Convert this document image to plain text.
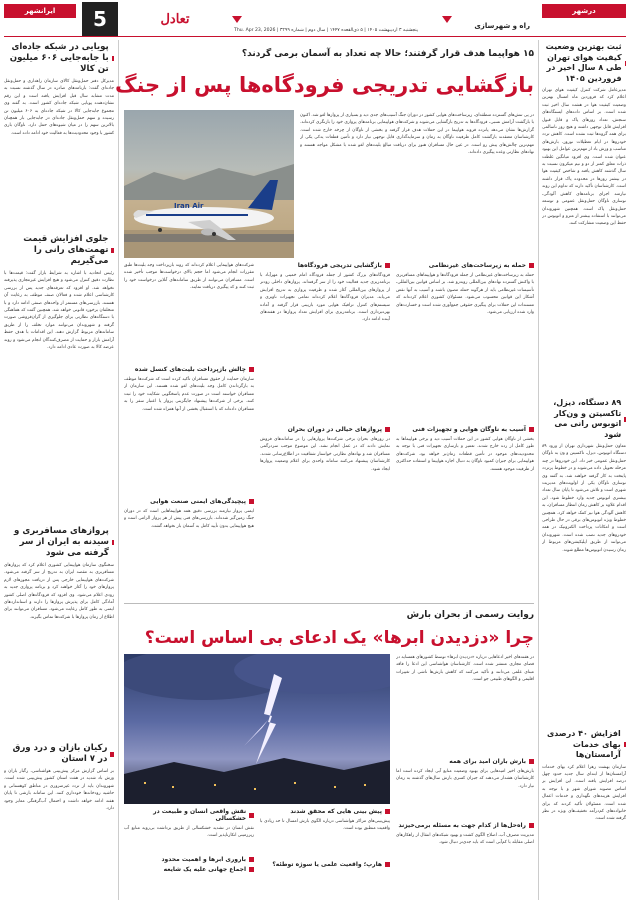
ایرانشهر	5	پنجشنبه ۳ اردیبهشت ۱۴۰۵ | ۵ ذی‌القعده ۱۴۴۷ | سال دوم | شماره ۳۲۹۹ | Thu. Apr 23, 2026
تعادل
درشهر
پویایی در شبکه جاده‌ای با جابه‌جایی ۶۰۶ میلیون تن کالا
مدیرکل دفتر حمل‌ونقل کالای سازمان راهداری و حمل‌ونقل جاده‌ای گفت: بارنامه‌های صادره در سال گذشته نسبت به مدت مشابه سال قبل افزایش یافته است و این رقم نشان‌دهنده پویایی شبکه جاده‌ای کشور است. به گفته وی مجموع جابه‌جایی کالا در شبکه جاده‌ای به ۶۰۶ میلیون تن رسیده و سهم حمل‌ونقل جاده‌ای در جابه‌جایی بار همچنان بالاترین سهم را در میان شیوه‌های حمل دارد. ناوگان باری کشور با وجود محدودیت‌ها به فعالیت خود ادامه داده است.
جلوی افزایش قیمت تهمت‌های رانی را می‌گیریم
رئیس اتحادیه با اشاره به شرایط بازار گفت: قیمت‌ها با نظارت دقیق کنترل می‌شود و هیچ افزایش غیرمجازی پذیرفته نخواهد شد. او افزود که تعرفه‌های جدید پس از بررسی کارشناسی اعلام شده و فعالان صنف موظف به رعایت آن هستند. بازرسی‌های مستمر از واحدهای صنفی ادامه دارد و با متخلفان برخورد قانونی خواهد شد. همچنین گفت که هماهنگی با دستگاه‌های نظارتی برای جلوگیری از گران‌فروشی صورت گرفته و شهروندان می‌توانند موارد تخلف را از طریق سامانه‌های مربوط گزارش دهند. این اقدامات با هدف حفظ آرامش بازار و حمایت از مصرف‌کنندگان انجام می‌شود و روند عرضه کالا به صورت عادی ادامه دارد.
پرواز‌های مسافربری و سیدنه به ایران از سر گرفته می شود
سخنگوی سازمان هواپیمایی کشوری اعلام کرد که پروازهای مسافربری به مقصد ایران به تدریج از سر گرفته می‌شود. شرکت‌های هواپیمایی خارجی پس از دریافت مجوزهای لازم پروازهای خود را آغاز خواهند کرد و برنامه پروازی جدید به زودی اعلام می‌شود. وی افزود که فرودگاه‌های اصلی کشور آمادگی کامل برای پذیرش پروازها را دارند و استانداردهای ایمنی به طور کامل رعایت می‌شود. مسافران می‌توانند برای اطلاع از زمان پروازها با شرکت‌ها تماس بگیرند.
رکیان بازان و درد ورق در ۷ استان
بر اساس گزارش مرکز پیش‌بینی هواشناسی، رگبار باران و وزش باد شدید در هفت استان کشور پیش‌بینی شده است. شهروندان باید از تردد غیرضروری در مناطق کوهستانی و حاشیه رودخانه‌ها خودداری کنند. این سامانه بارشی تا پایان هفته ادامه خواهد داشت و احتمال آب‌گرفتگی معابر وجود دارد.
راه و شهرسازی
۱۵ هواپیما هدف قرار گرفتند؛ حالا چه تعداد به آسمان برمی گردند؟
بازگشایی تدریجی فرودگاه‌ها پس از جنگ
Iran Air
در پی تنش‌های گسترده منطقه‌ای، زیرساخت‌های هوایی کشور در دوران جنگ آسیب‌های جدی دید و بسیاری از پروازها لغو شد. اکنون با بازگشت آرامش نسبی، فرودگاه‌ها به تدریج بازگشایی می‌شوند و شرکت‌های هواپیمایی برنامه‌های پروازی خود را بازنگری کرده‌اند. گزارش‌ها نشان می‌دهد پانزده فروند هواپیما در این حملات هدف قرار گرفته و بخشی از ناوگان از چرخه خارج شده است. کارشناسان معتقدند بازگشت کامل ظرفیت ناوگان به زمان و سرمایه‌گذاری قابل توجهی نیاز دارد و تأمین قطعات یدکی یکی از مهم‌ترین چالش‌های پیش رو است. در عین حال مسافران هنوز برای دریافت مبالغ بلیت‌های لغو شده با مشکل مواجه هستند و نهادهای نظارتی وعده پیگیری داده‌اند.
شرکت‌های هواپیمایی اعلام کرده‌اند که روند بازپرداخت وجه بلیت‌ها طبق مقررات انجام می‌شود اما حجم بالای درخواست‌ها موجب تأخیر شده است. مسافران می‌توانند از طریق سامانه‌های آنلاین درخواست خود را ثبت کنند و کد پیگیری دریافت نمایند.
چالش بازپرداخت بلیت‌های کنسل شده
سازمان حمایت از حقوق مسافران تأکید کرده است که شرکت‌ها موظف به بازگرداندن کامل وجه بلیت‌های لغو شده هستند. این سازمان از مسافران خواسته است در صورت عدم پاسخگویی شکایت خود را ثبت کنند. برخی از شرکت‌ها پیشنهاد جایگزینی پرواز یا اعتبار سفر را به مسافران داده‌اند که با استقبال بخشی از آنها همراه شده است.
پیچیدگی‌های ایمنی صنعت هوایی
ایمنی پرواز نیازمند بررسی دقیق همه هواپیماهایی است که در دوران جنگ زمین‌گیر شده‌اند. بازرسی‌های فنی پیش از هر پرواز الزامی است و هیچ هواپیمایی بدون تأیید کامل به آسمان باز نخواهد گشت.
بازگشایی تدریجی فرودگاه‌ها
فرودگاه‌های بزرگ کشور از جمله فرودگاه امام خمینی و مهرآباد با برنامه‌ریزی جدید فعالیت خود را از سر گرفته‌اند. پروازهای داخلی زودتر از پروازهای بین‌المللی آغاز شده و ظرفیت پروازی به تدریج افزایش می‌یابد. مدیران فرودگاه‌ها اعلام کرده‌اند تمامی تجهیزات ناوبری و سیستم‌های کنترل ترافیک هوایی مورد بازبینی قرار گرفته و آماده بهره‌برداری است. برنامه‌ریزی برای افزایش تعداد پروازها در هفته‌های آینده ادامه دارد.
پرواز‌های خیالی در دوران بحران
در روزهای بحران برخی شرکت‌ها پروازهایی را در سامانه‌های فروش نمایش دادند که در عمل انجام نشد. این موضوع موجب سردرگمی مسافران شد و نهادهای نظارتی خواستار شفافیت در اطلاع‌رسانی شدند. کارشناسان پیشنهاد می‌کنند سامانه واحدی برای اعلام وضعیت پروازها ایجاد شود.
حمله به زیرساخت‌های غیرنظامی
حمله به زیرساخت‌های غیرنظامی از جمله فرودگاه‌ها و هواپیماهای مسافربری با واکنش گسترده نهادهای بین‌المللی روبه‌رو شد. بر اساس قوانین بین‌المللی، تأسیسات غیرنظامی باید از هرگونه حمله مصون باشند و آسیب به آنها نقض آشکار این قوانین محسوب می‌شود. مسئولان کشوری اعلام کرده‌اند که مستندات این حملات برای پیگیری حقوقی جمع‌آوری شده است و خسارت‌های وارد شده ارزیابی می‌شود.
آسیب به ناوگان هوایی و تجهیزات فنی
بخشی از ناوگان هوایی کشور در این حملات آسیب دید و برخی هواپیماها به طور کامل از رده خارج شدند. تعمیر و بازسازی تجهیزات فنی با توجه به محدودیت‌های موجود در تأمین قطعات زمان‌بر خواهد بود. شرکت‌های هواپیمایی برای جبران کمبود ناوگان به دنبال اجاره هواپیما و استفاده حداکثری از ظرفیت موجود هستند.
روایت رسمی از بحران بارش
چرا «دزدیدن ابرها» یک ادعای بی اساس است؟
در هفته‌های اخیر ادعاهایی درباره «دزدیدن ابرها» توسط کشورهای همسایه در فضای مجازی منتشر شده است. کارشناسان هواشناسی این ادعا را فاقد مبنای علمی می‌دانند و تأکید می‌کنند که کاهش بارش‌ها ناشی از تغییرات اقلیمی و الگوهای طبیعی جو است.
بارش باران امید برای همه
بارش‌های اخیر امیدهایی برای بهبود وضعیت منابع آبی ایجاد کرده است اما کارشناسان هشدار می‌دهند که جبران کسری بارش سال‌های گذشته به زمان نیاز دارد.
راه‌حل‌ها از کدام جهت به مسئله برمی‌خیزند
مدیریت مصرف آب، اصلاح الگوی کشت و بهبود شبکه‌های انتقال از راهکارهای اصلی مقابله با کم‌آبی است که باید جدی‌تر دنبال شود.
پیش بینی هایی که محقق شدند
پیش‌بینی‌های مراکز هواشناسی درباره الگوی بارش امسال تا حد زیادی با واقعیت منطبق بوده است.
هارپ؛ واقعیت علمی یا سوژه توطئه؟
نقش واقعی انسان و طبیعت در خشکسالی
نقش انسان در تشدید خشکسالی از طریق برداشت بی‌رویه منابع آب زیرزمینی انکارناپذیر است.
باروری ابرها و اهمیت محدود
اجماع جهانی علیه یک شایعه
ثبت بهترین وضعیت کیفیت هوای تهران طی ۸ سال اخیر در فروردین ۱۴۰۵
مدیرعامل شرکت کنترل کیفیت هوای تهران اعلام کرد که فروردین ماه امسال بهترین وضعیت کیفیت هوا در هشت سال اخیر ثبت شده است. بر اساس داده‌های ایستگاه‌های سنجش، تعداد روزهای پاک و قابل قبول افزایش قابل توجهی داشته و هیچ روز ناسالمی برای همه گروه‌ها ثبت نشده است. کاهش تردد خودروها در ایام تعطیلات نوروز، بارش‌های مناسب و وزش باد از مهم‌ترین عوامل این بهبود عنوان شده است. وی افزود میانگین غلظت ذرات معلق کمتر از دو و نیم میکرون نسبت به سال گذشته کاهش یافته و شاخص کیفیت هوا در بیشتر روزها در محدوده پاک قرار داشته است. کارشناسان تأکید دارند که تداوم این روند نیازمند اجرای برنامه‌های کاهش آلودگی، نوسازی ناوگان حمل‌ونقل عمومی و توسعه حمل‌ونقل پاک است. همچنین شهروندان می‌توانند با استفاده بیشتر از مترو و اتوبوس در حفظ این وضعیت مشارکت کنند.
۸۹ دستگاه، دیزل، تاکسیتن و ون‌کار اتوبوس رانی می شود
معاون حمل‌ونقل شهرداری تهران از ورود ۸۹ دستگاه اتوبوس، دیزل، تاکسیتن و ون به ناوگان حمل‌ونقل عمومی خبر داد. این خودروها در چند مرحله تحویل داده می‌شوند و در خطوط پرتردد پایتخت به کار گرفته خواهند شد. به گفته وی نوسازی ناوگان یکی از اولویت‌های مدیریت شهری است و تلاش می‌شود تا پایان سال تعداد بیشتری اتوبوس جدید وارد خطوط شود. این اقدام علاوه بر کاهش زمان انتظار مسافران، به کاهش آلودگی هوا نیز کمک خواهد کرد. همچنین خطوط ویژه اتوبوس‌های برقی در حال طراحی است و امکانات پرداخت الکترونیک در همه خودروهای جدید نصب شده است. شهروندان می‌توانند از طریق اپلیکیشن‌های مربوط از زمان رسیدن اتوبوس‌ها مطلع شوند.
افزایش ۴۰ درصدی بهای خدمات آرامستان‌ها
سازمان بهشت زهرا اعلام کرد بهای خدمات آرامستان‌ها از ابتدای سال جدید حدود چهل درصد افزایش یافته است. این افزایش بر اساس مصوبه شورای شهر و با توجه به افزایش هزینه‌های نگهداری و خدمات اعمال شده است. مسئولان تأکید کردند که برای خانواده‌های کم‌درآمد تخفیف‌های ویژه در نظر گرفته شده است.
